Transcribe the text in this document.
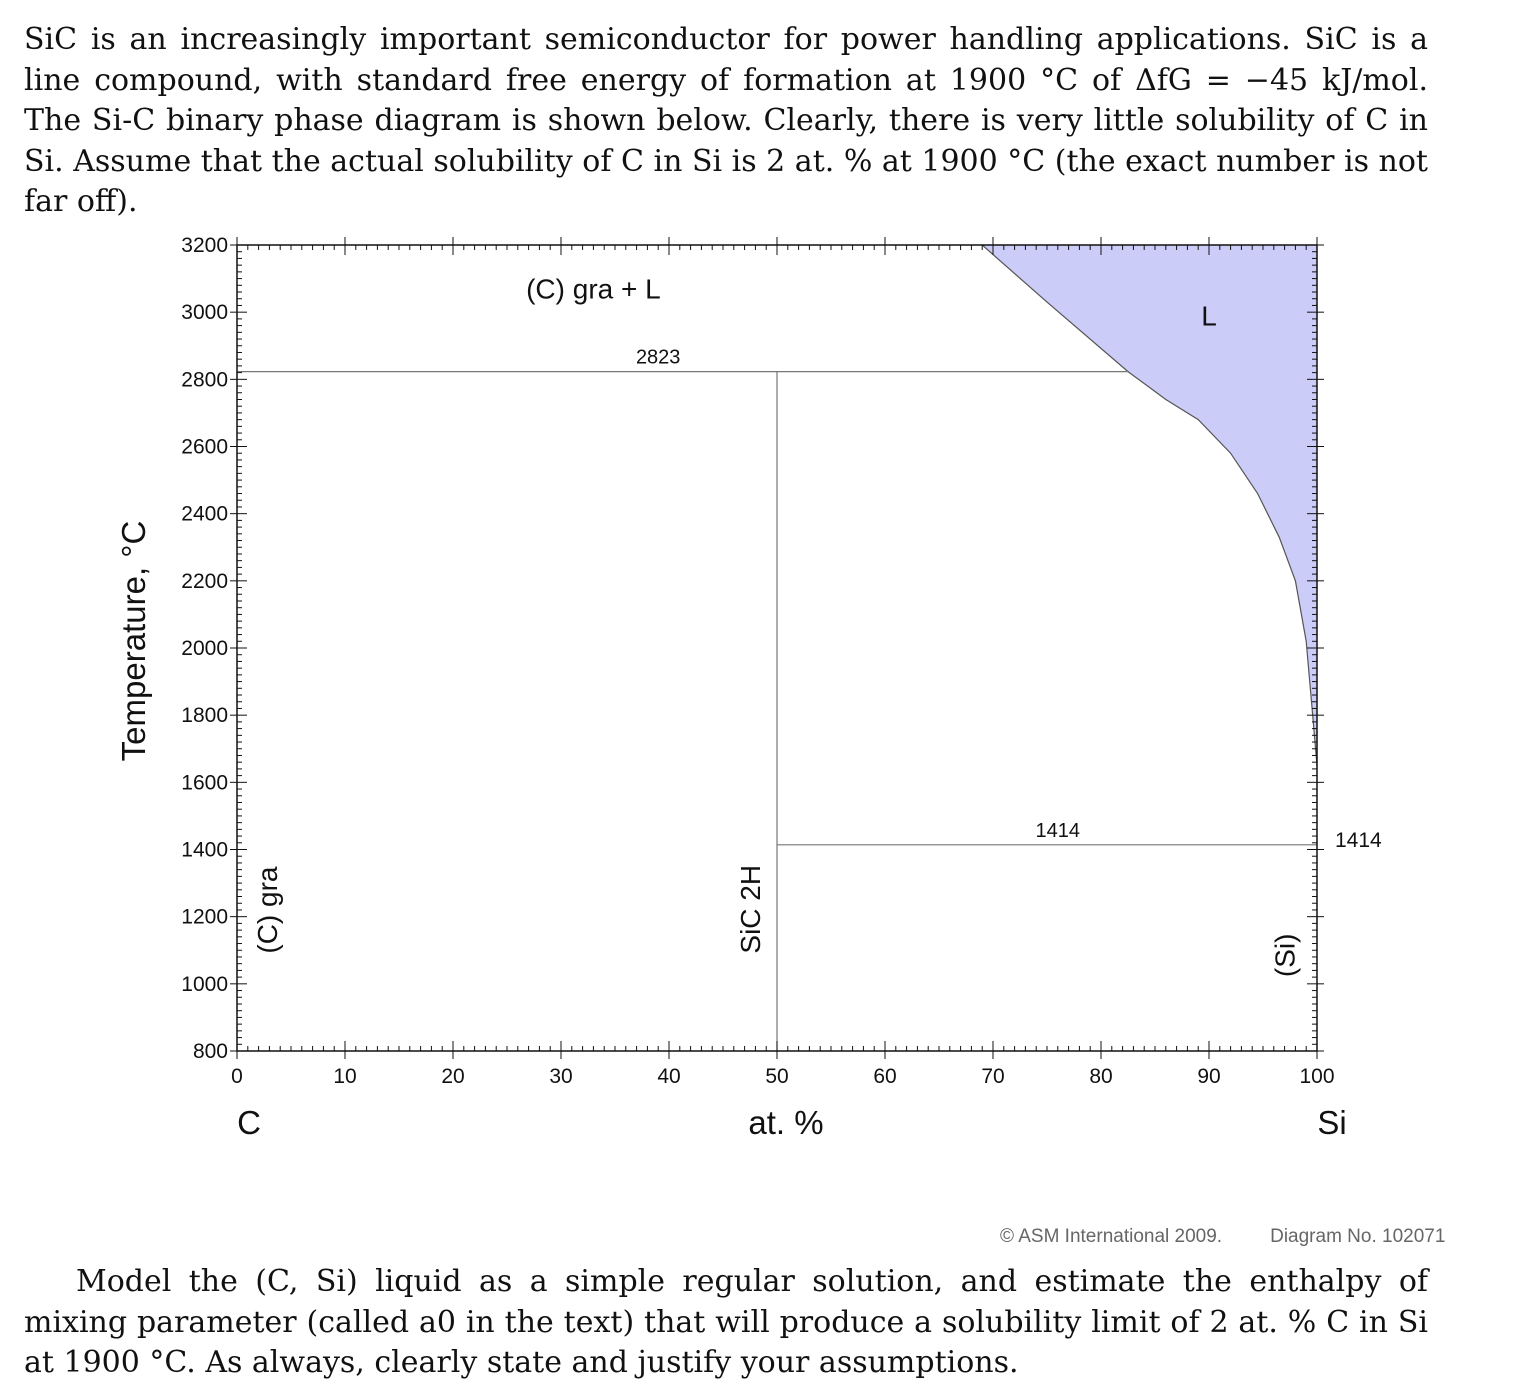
SiC is an increasingly important semiconductor for power handling applications. SiC is a line compound, with standard free energy of formation at 1900 °C of ΔfG = −45 kJ/mol. The Si-C binary phase diagram is shown below. Clearly, there is very little solubility of C in Si. Assume that the actual solubility of C in Si is 2 at. % at 1900 °C (the exact number is not far off).

2823
1414
0	10	20	30	40	50	60	70	80	90	100
800
1000
1200
1400
1600
1800
2000
2200
2400
2600
2800
3000
3200
1414
(C) gra + L
L
(C) gra	SiC 2H
(Si)
Temperature, °C
at. %
C	Si
© ASM International 2009.	Diagram No. 102071

Model the (C, Si) liquid as a simple regular solution, and estimate the enthalpy of mixing parameter (called a0 in the text) that will produce a solubility limit of 2 at. % C in Si at 1900 °C. As always, clearly state and justify your assumptions.
